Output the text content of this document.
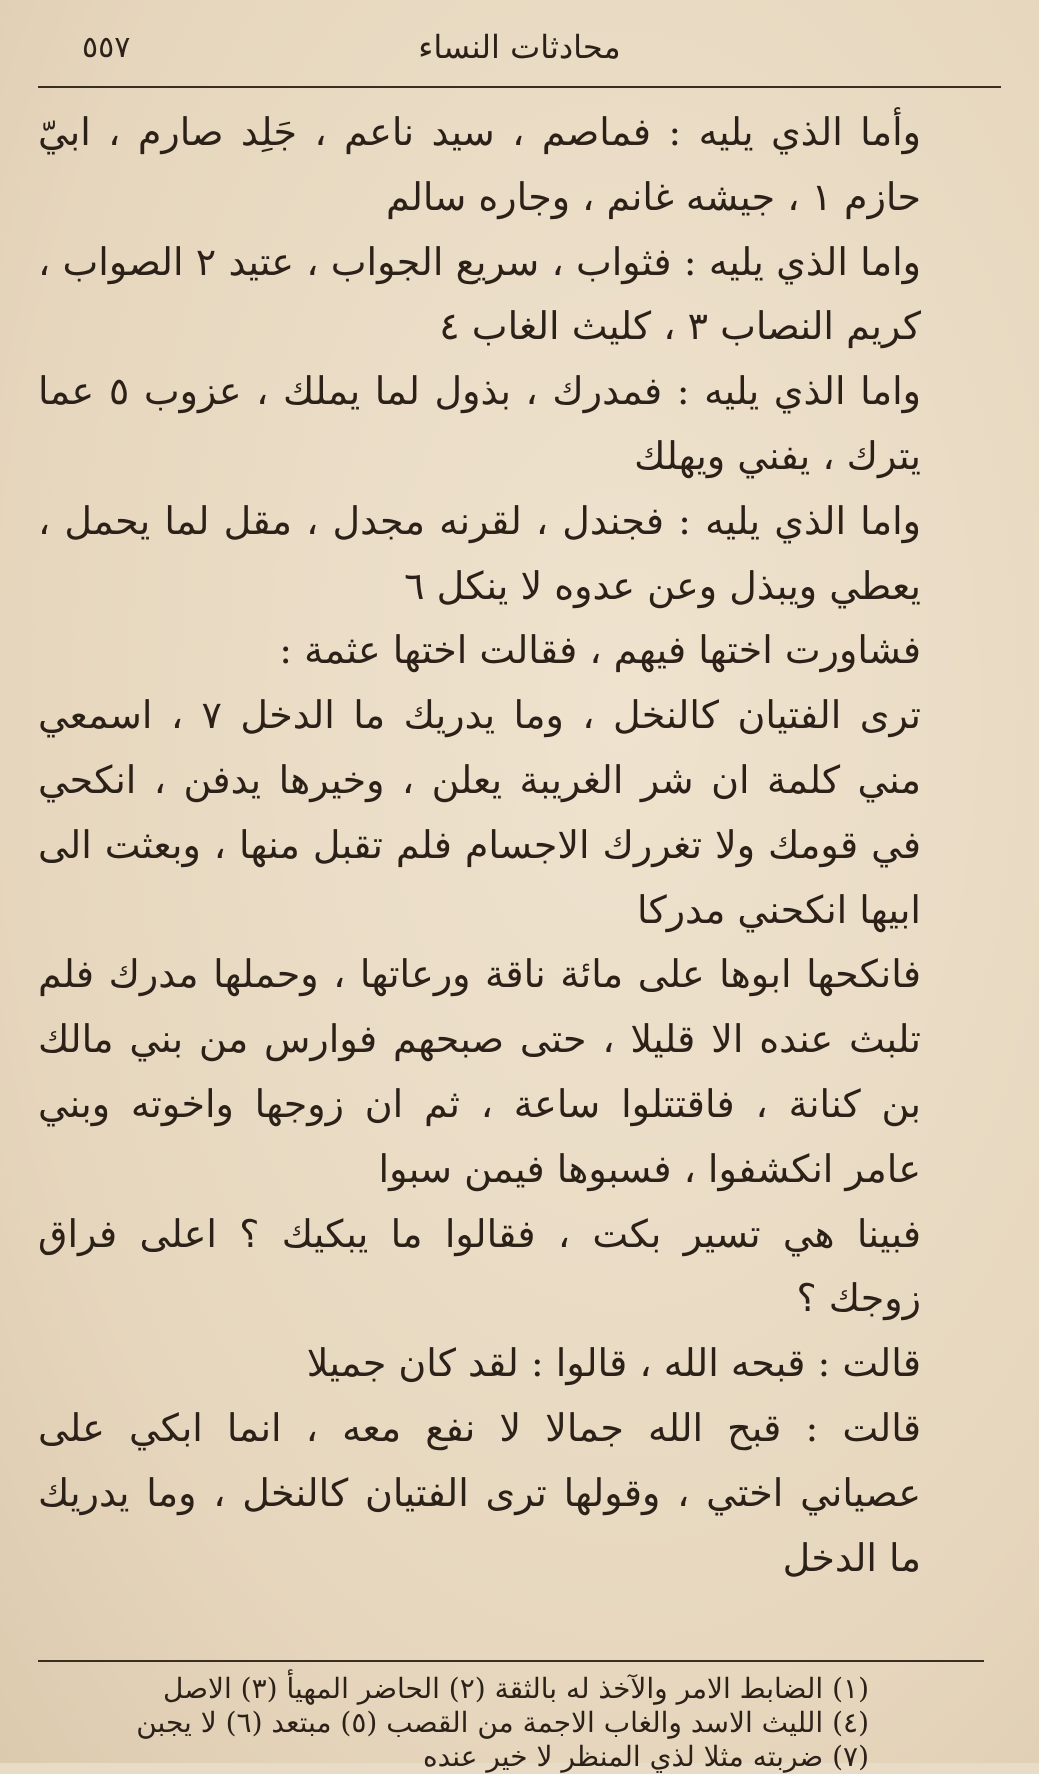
٥٥٧	محادثات النساء

وأما الذي يليه : فماصم ، سيد ناعم ، جَلِد صارم ، ابيّ حازم ١ ، جيشه غانم ، وجاره سالم

واما الذي يليه : فثواب ، سريع الجواب ، عتيد ٢ الصواب ، كريم النصاب ٣ ، كليث الغاب ٤

واما الذي يليه : فمدرك ، بذول لما يملك ، عزوب ٥ عما يترك ، يفني ويهلك

واما الذي يليه : فجندل ، لقرنه مجدل ، مقل لما يحمل ، يعطي ويبذل وعن عدوه لا ينكل ٦

فشاورت اختها فيهم ، فقالت اختها عثمة :

ترى الفتيان كالنخل ، وما يدريك ما الدخل ٧ ، اسمعي مني كلمة ان شر الغريبة يعلن ، وخيرها يدفن ، انكحي في قومك ولا تغررك الاجسام فلم تقبل منها ، وبعثت الى ابيها انكحني مدركا

فانكحها ابوها على مائة ناقة ورعاتها ، وحملها مدرك فلم تلبث عنده الا قليلا ، حتى صبحهم فوارس من بني مالك بن كنانة ، فاقتتلوا ساعة ، ثم ان زوجها واخوته وبني عامر انكشفوا ، فسبوها فيمن سبوا

فبينا هي تسير بكت ، فقالوا ما يبكيك ؟ اعلى فراق زوجك ؟

قالت : قبحه الله ، قالوا : لقد كان جميلا

قالت : قبح الله جمالا لا نفع معه ، انما ابكي على عصياني اختي ، وقولها ترى الفتيان كالنخل ، وما يدريك ما الدخل

(١) الضابط الامر والآخذ له بالثقة (٢) الحاضر المهيأ (٣) الاصل

(٤) الليث الاسد والغاب الاجمة من القصب (٥) مبتعد (٦) لا يجبن

(٧) ضربته مثلا لذي المنظر لا خير عنده
